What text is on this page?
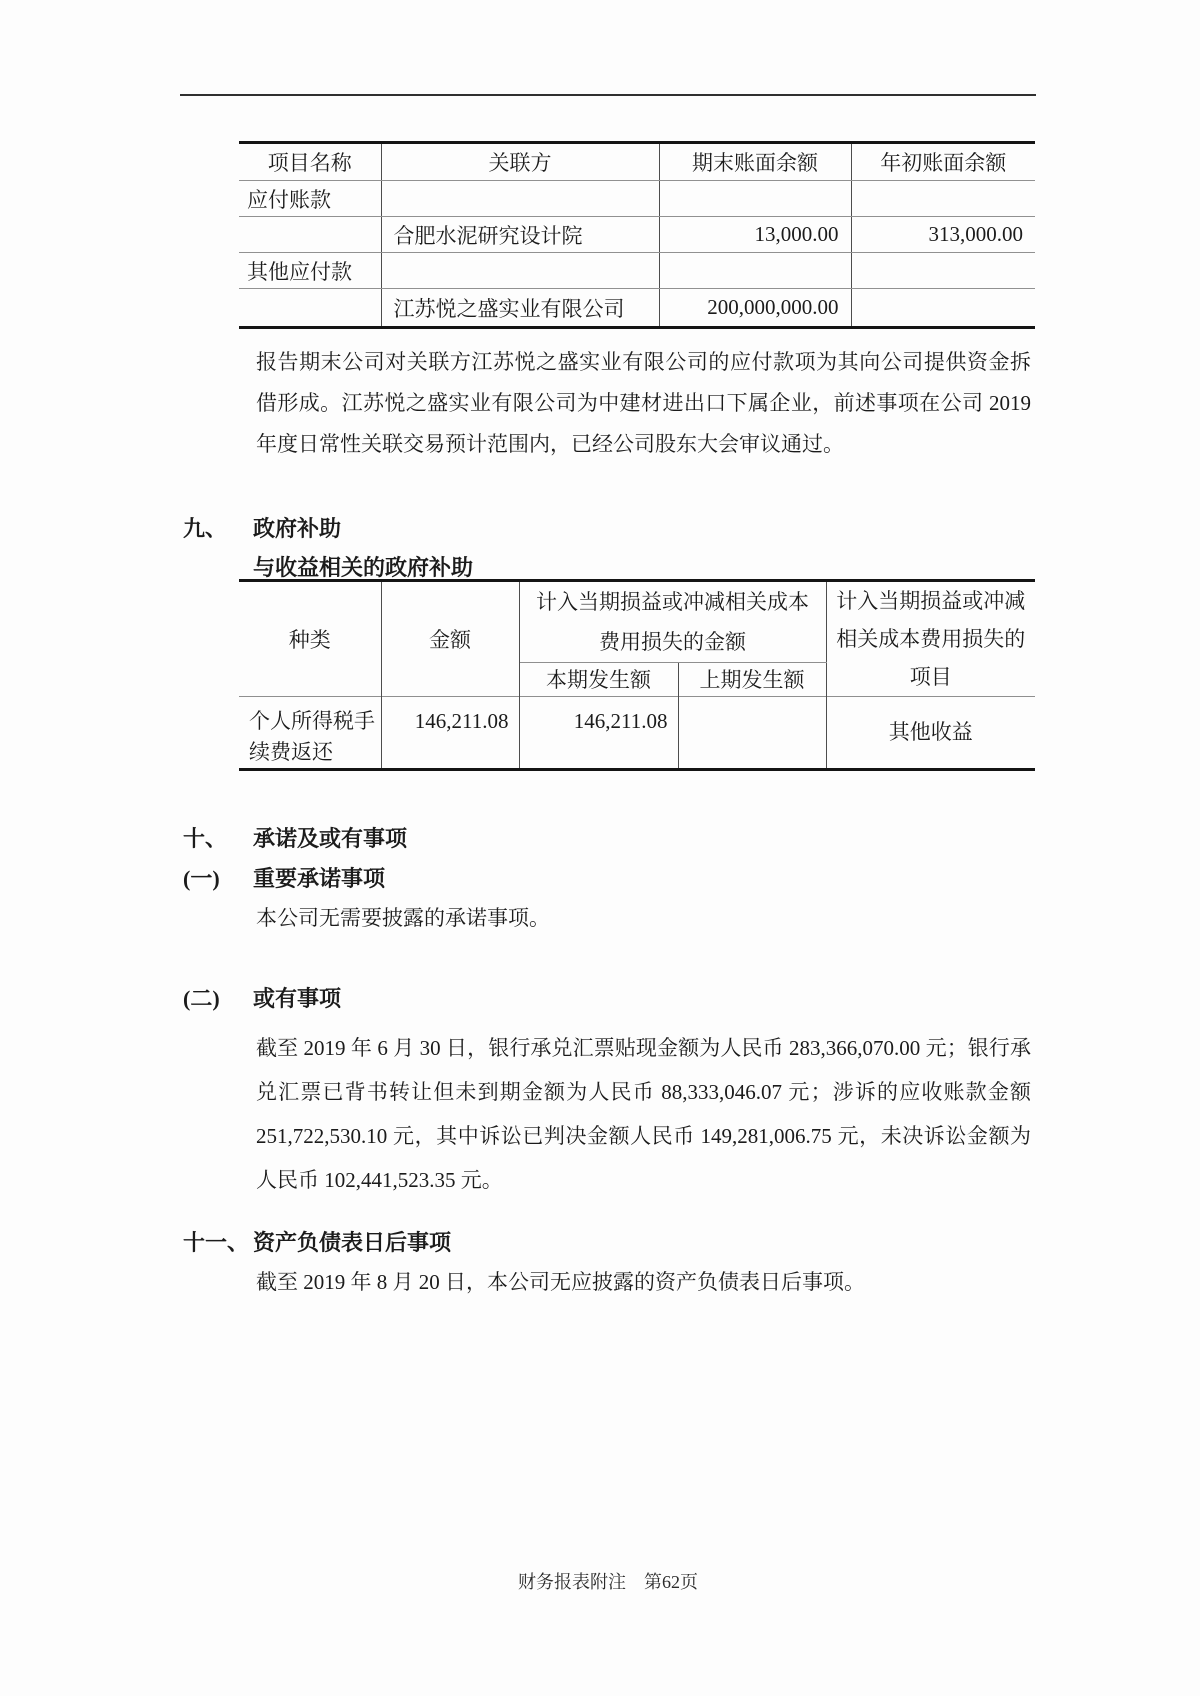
项目名称	关联方	期末账面余额	年初账面余额
应付账款			
	合肥水泥研究设计院	13,000.00	313,000.00
其他应付款			
	江苏悦之盛实业有限公司	200,000,000.00	
报告期末公司对关联方江苏悦之盛实业有限公司的应付款项为其向公司提供资金拆借形成。江苏悦之盛实业有限公司为中建材进出口下属企业，前述事项在公司 2019 年度日常性关联交易预计范围内，已经公司股东大会审议通过。
九、 政府补助
与收益相关的政府补助
种类	金额	计入当期损益或冲减相关成本费用损失的金额		计入当期损益或冲减相关成本费用损失的项目
		本期发生额	上期发生额	
个人所得税手续费返还	146,211.08	146,211.08		其他收益
十、 承诺及或有事项
(一) 重要承诺事项
本公司无需要披露的承诺事项。
(二) 或有事项
截至 2019 年 6 月 30 日，银行承兑汇票贴现金额为人民币 283,366,070.00 元；银行承兑汇票已背书转让但未到期金额为人民币 88,333,046.07 元；涉诉的应收账款金额 251,722,530.10 元，其中诉讼已判决金额人民币 149,281,006.75 元，未决诉讼金额为人民币 102,441,523.35 元。
十一、 资产负债表日后事项
截至 2019 年 8 月 20 日，本公司无应披露的资产负债表日后事项。
财务报表附注　第62页
